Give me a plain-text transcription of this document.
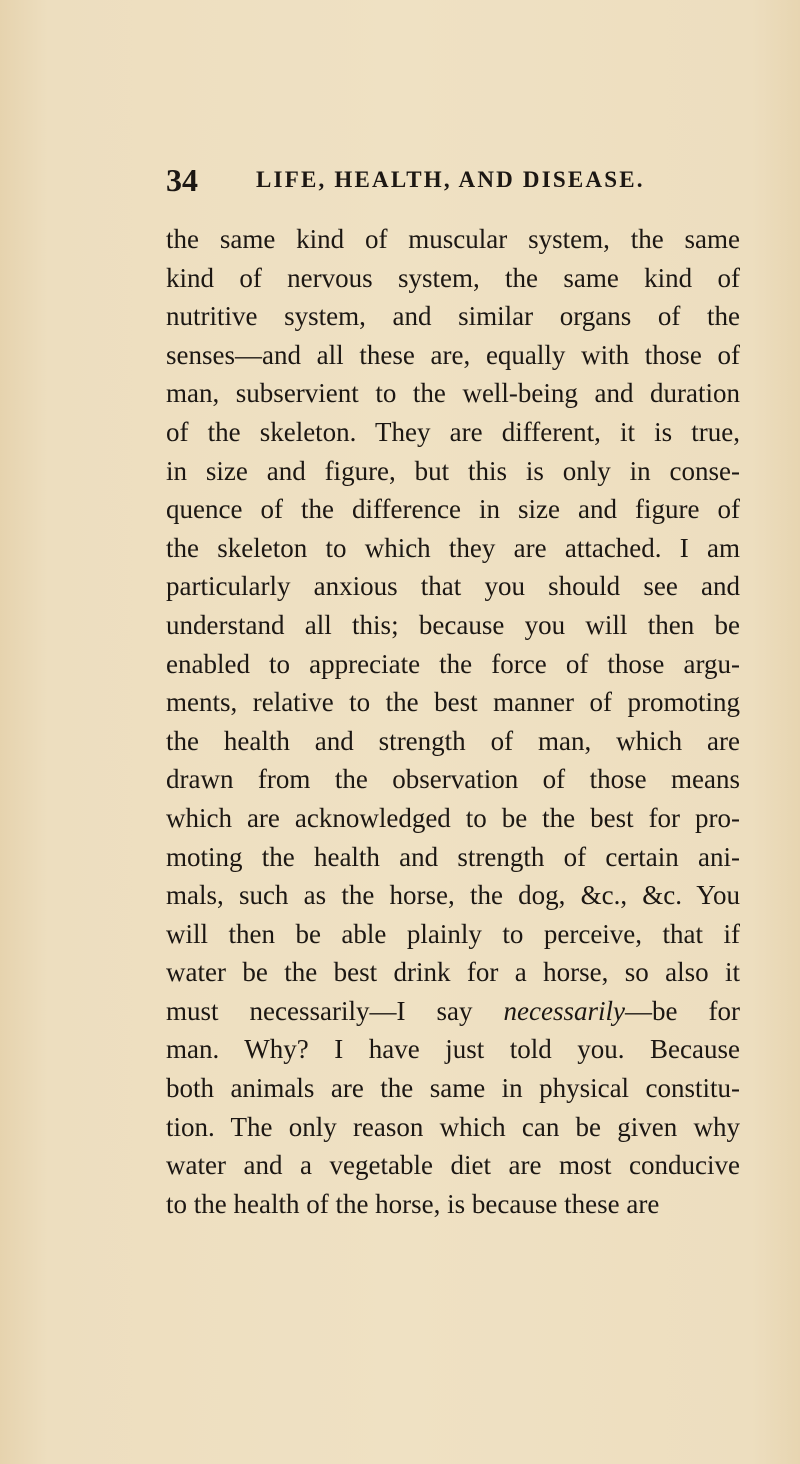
34	LIFE, HEALTH, AND DISEASE.
the same kind of muscular system, the same
kind of nervous system, the same kind of
nutritive system, and similar organs of the
senses—and all these are, equally with those of
man, subservient to the well-being and duration
of the skeleton. They are different, it is true,
in size and figure, but this is only in conse-
quence of the difference in size and figure of
the skeleton to which they are attached. I am
particularly anxious that you should see and
understand all this; because you will then be
enabled to appreciate the force of those argu-
ments, relative to the best manner of promoting
the health and strength of man, which are
drawn from the observation of those means
which are acknowledged to be the best for pro-
moting the health and strength of certain ani-
mals, such as the horse, the dog, &c., &c. You
will then be able plainly to perceive, that if
water be the best drink for a horse, so also it
must necessarily—I say necessarily—be for
man. Why? I have just told you. Because
both animals are the same in physical constitu-
tion. The only reason which can be given why
water and a vegetable diet are most conducive
to the health of the horse, is because these are
